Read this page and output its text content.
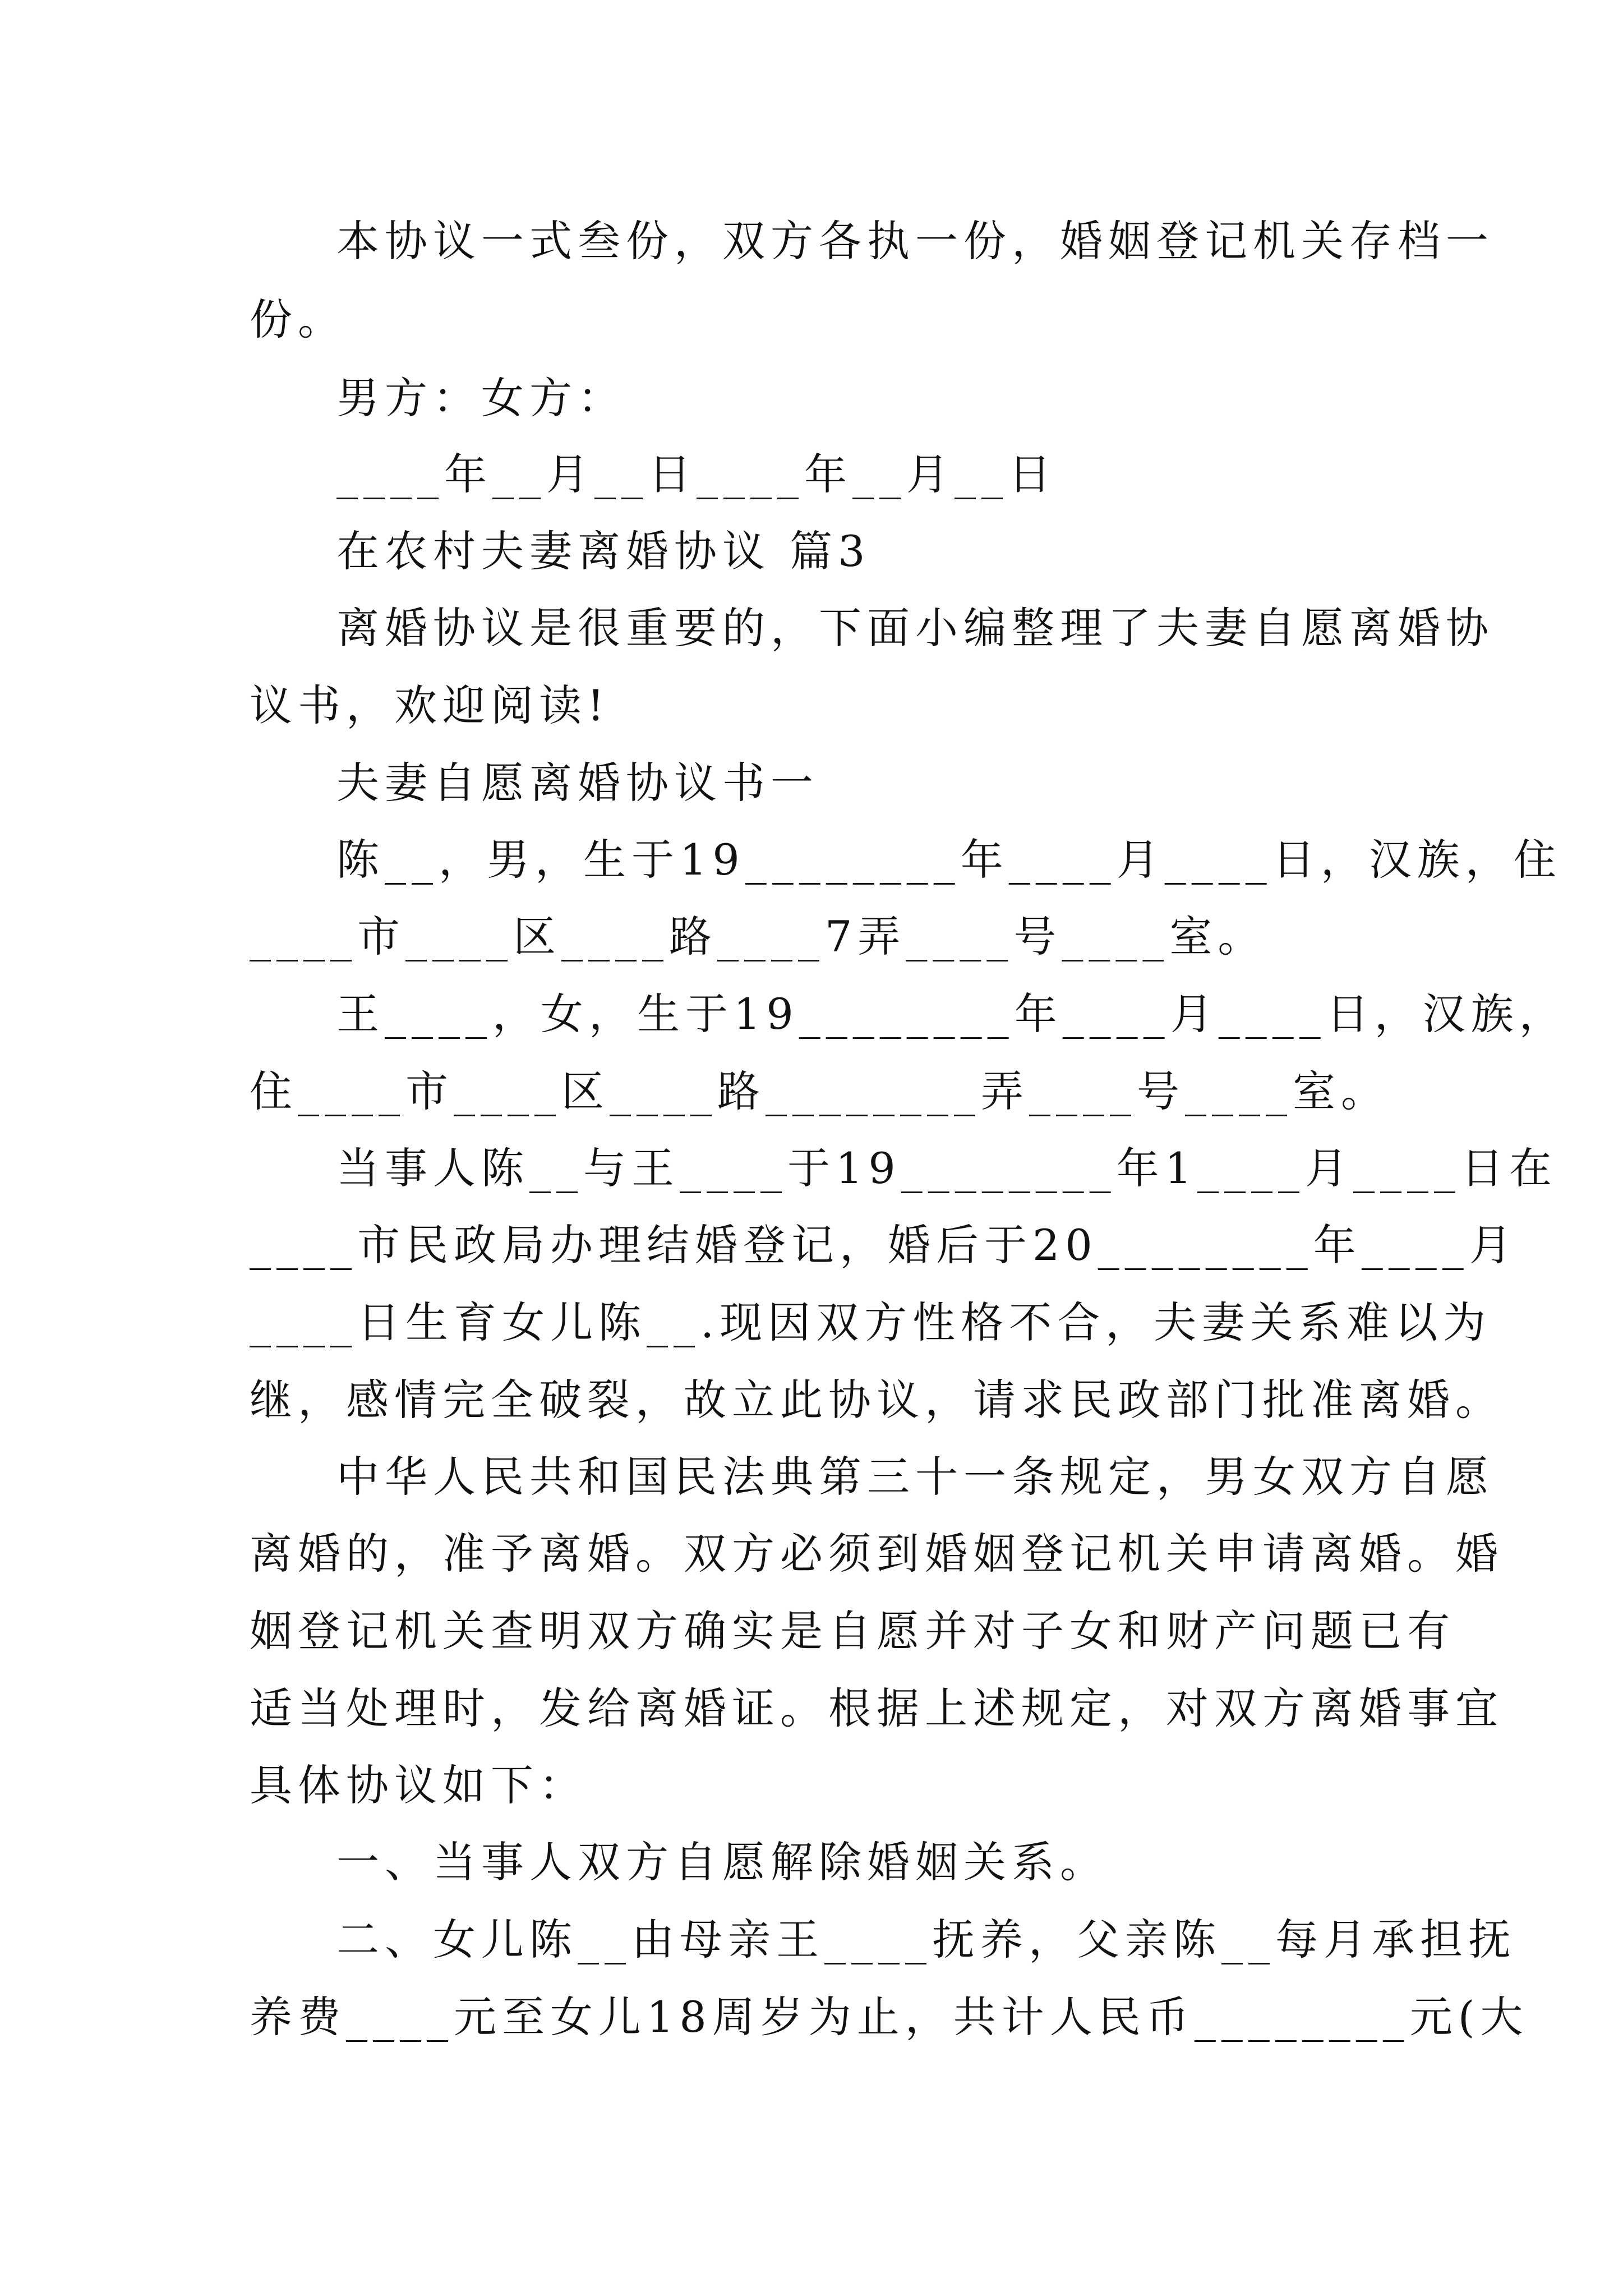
本协议一式叁份，双方各执一份，婚姻登记机关存档一
份。
男方：女方：
____年__月__日____年__月__日
在农村夫妻离婚协议 篇3
离婚协议是很重要的，下面小编整理了夫妻自愿离婚协
议书，欢迎阅读!
夫妻自愿离婚协议书一
陈__，男，生于19________年____月____日，汉族，住
____市____区____路____7弄____号____室。
王____，女，生于19________年____月____日，汉族，
住____市____区____路________弄____号____室。
当事人陈__与王____于19________年1____月____日在
____市民政局办理结婚登记，婚后于20________年____月
____日生育女儿陈__.现因双方性格不合，夫妻关系难以为
继，感情完全破裂，故立此协议，请求民政部门批准离婚。
中华人民共和国民法典第三十一条规定，男女双方自愿
离婚的，准予离婚。双方必须到婚姻登记机关申请离婚。婚
姻登记机关查明双方确实是自愿并对子女和财产问题已有
适当处理时，发给离婚证。根据上述规定，对双方离婚事宜
具体协议如下：
一、当事人双方自愿解除婚姻关系。
二、女儿陈__由母亲王____抚养，父亲陈__每月承担抚
养费____元至女儿18周岁为止，共计人民币________元(大
